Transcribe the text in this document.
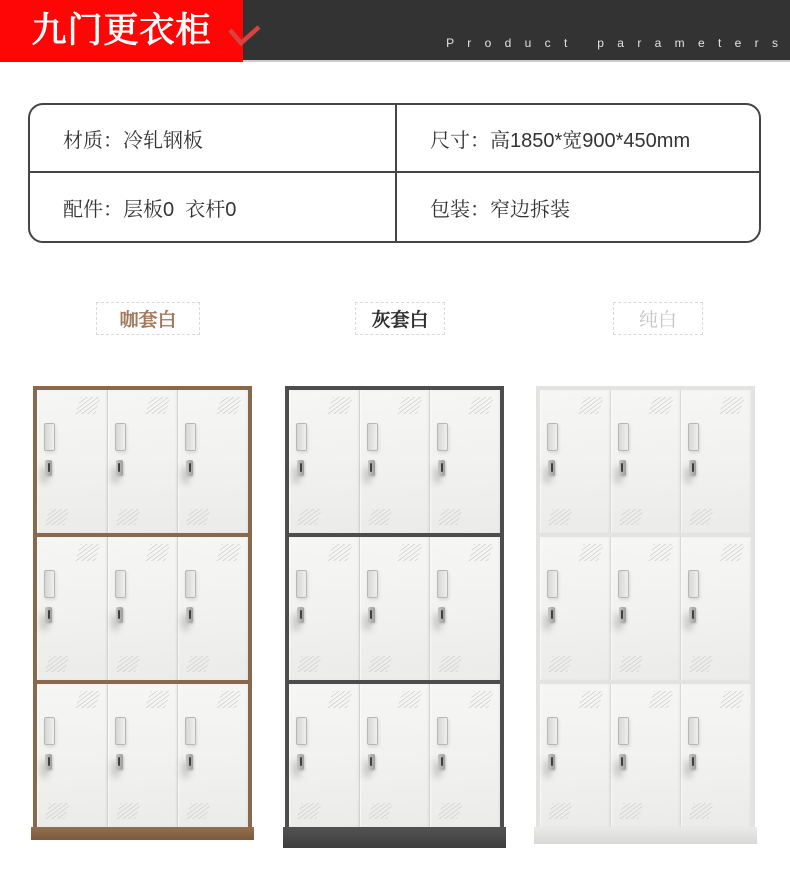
九门更衣柜	P r o d u c t   p a r a m e t e r s
材质：冷轧钢板	尺寸：高1850*宽900*450mm
配件：层板0  衣杆0	包装：窄边拆装
咖套白	灰套白	纯白
